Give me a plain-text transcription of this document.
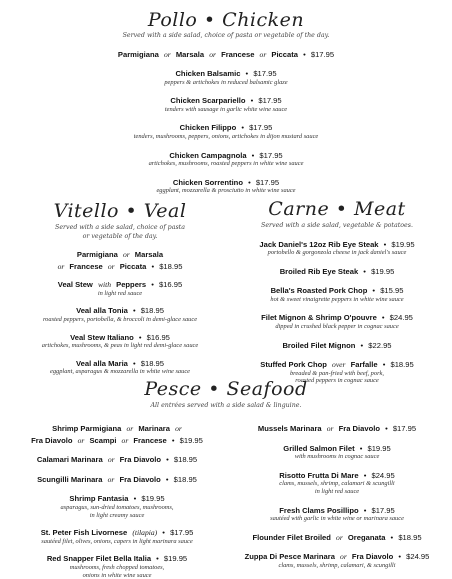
Pollo • Chicken
Served with a side salad, choice of pasta or vegetable of the day.
Parmigiana or Marsala or Francese or Piccata • $17.95
Chicken Balsamic • $17.95
peppers & artichokes in reduced balsamic glaze
Chicken Scarpariello • $17.95
tenders with sausage in garlic white wine sauce
Chicken Filippo • $17.95
tenders, mushrooms, peppers, onions, artichokes in dijon mustard sauce
Chicken Campagnola • $17.95
artichokes, mushrooms, roasted peppers in white wine sauce
Chicken Sorrentino • $17.95
eggplant, mozzarella & prosciutto in white wine sauce
Vitello • Veal
Served with a side salad, choice of pasta
or vegetable of the day.
Parmigiana or Marsala
or Francese or Piccata • $18.95
Veal Stew with Peppers • $16.95
in light red sauce
Veal alla Tonia • $18.95
roasted peppers, portobella, & broccoli in demi-glace sauce
Veal Stew Italiano • $16.95
artichokes, mushrooms, & peas in light red demi-glace sauce
Veal alla Maria • $18.95
eggplant, asparagus & mozzarella in white wine sauce
Carne • Meat
Served with a side salad, vegetable & potatoes.
Jack Daniel's 12oz Rib Eye Steak • $19.95
portobello & gorgonzola cheese in jack daniel's sauce
Broiled Rib Eye Steak • $19.95
Bella's Roasted Pork Chop • $15.95
hot & sweet vinaigrette peppers in white wine sauce
Filet Mignon & Shrimp O'pouvre • $24.95
dipped in crushed black pepper in cognac sauce
Broiled Filet Mignon • $22.95
Stuffed Pork Chop over Farfalle • $18.95
breaded & pan-fried with beef, pork,
roasted peppers in cognac sauce
Pesce • Seafood
All entrées served with a side salad & linguine.
Shrimp Parmigiana or Marinara or
Fra Diavolo or Scampi or Francese • $19.95
Calamari Marinara or Fra Diavolo • $18.95
Scungilli Marinara or Fra Diavolo • $18.95
Shrimp Fantasia • $19.95
asparagus, sun-dried tomatoes, mushrooms,
in light creamy sauce
St. Peter Fish Livornese (tilapia) • $17.95
sautéed filet, olives, onions, capers in light marinara sauce
Red Snapper Filet Bella Italia • $19.95
mushrooms, fresh chopped tomatoes,
onions in white wine sauce
Mussels Marinara or Fra Diavolo • $17.95
Grilled Salmon Filet • $19.95
with mushrooms in cognac sauce
Risotto Frutta Di Mare • $24.95
clams, mussels, shrimp, calamari & scungilli
in light red sauce
Fresh Clams Posillipo • $17.95
sautéed with garlic in white wine or marinara sauce
Flounder Filet Broiled or Oreganata • $18.95
Zuppa Di Pesce Marinara or Fra Diavolo • $24.95
clams, mussels, shrimp, calamari, & scungilli
